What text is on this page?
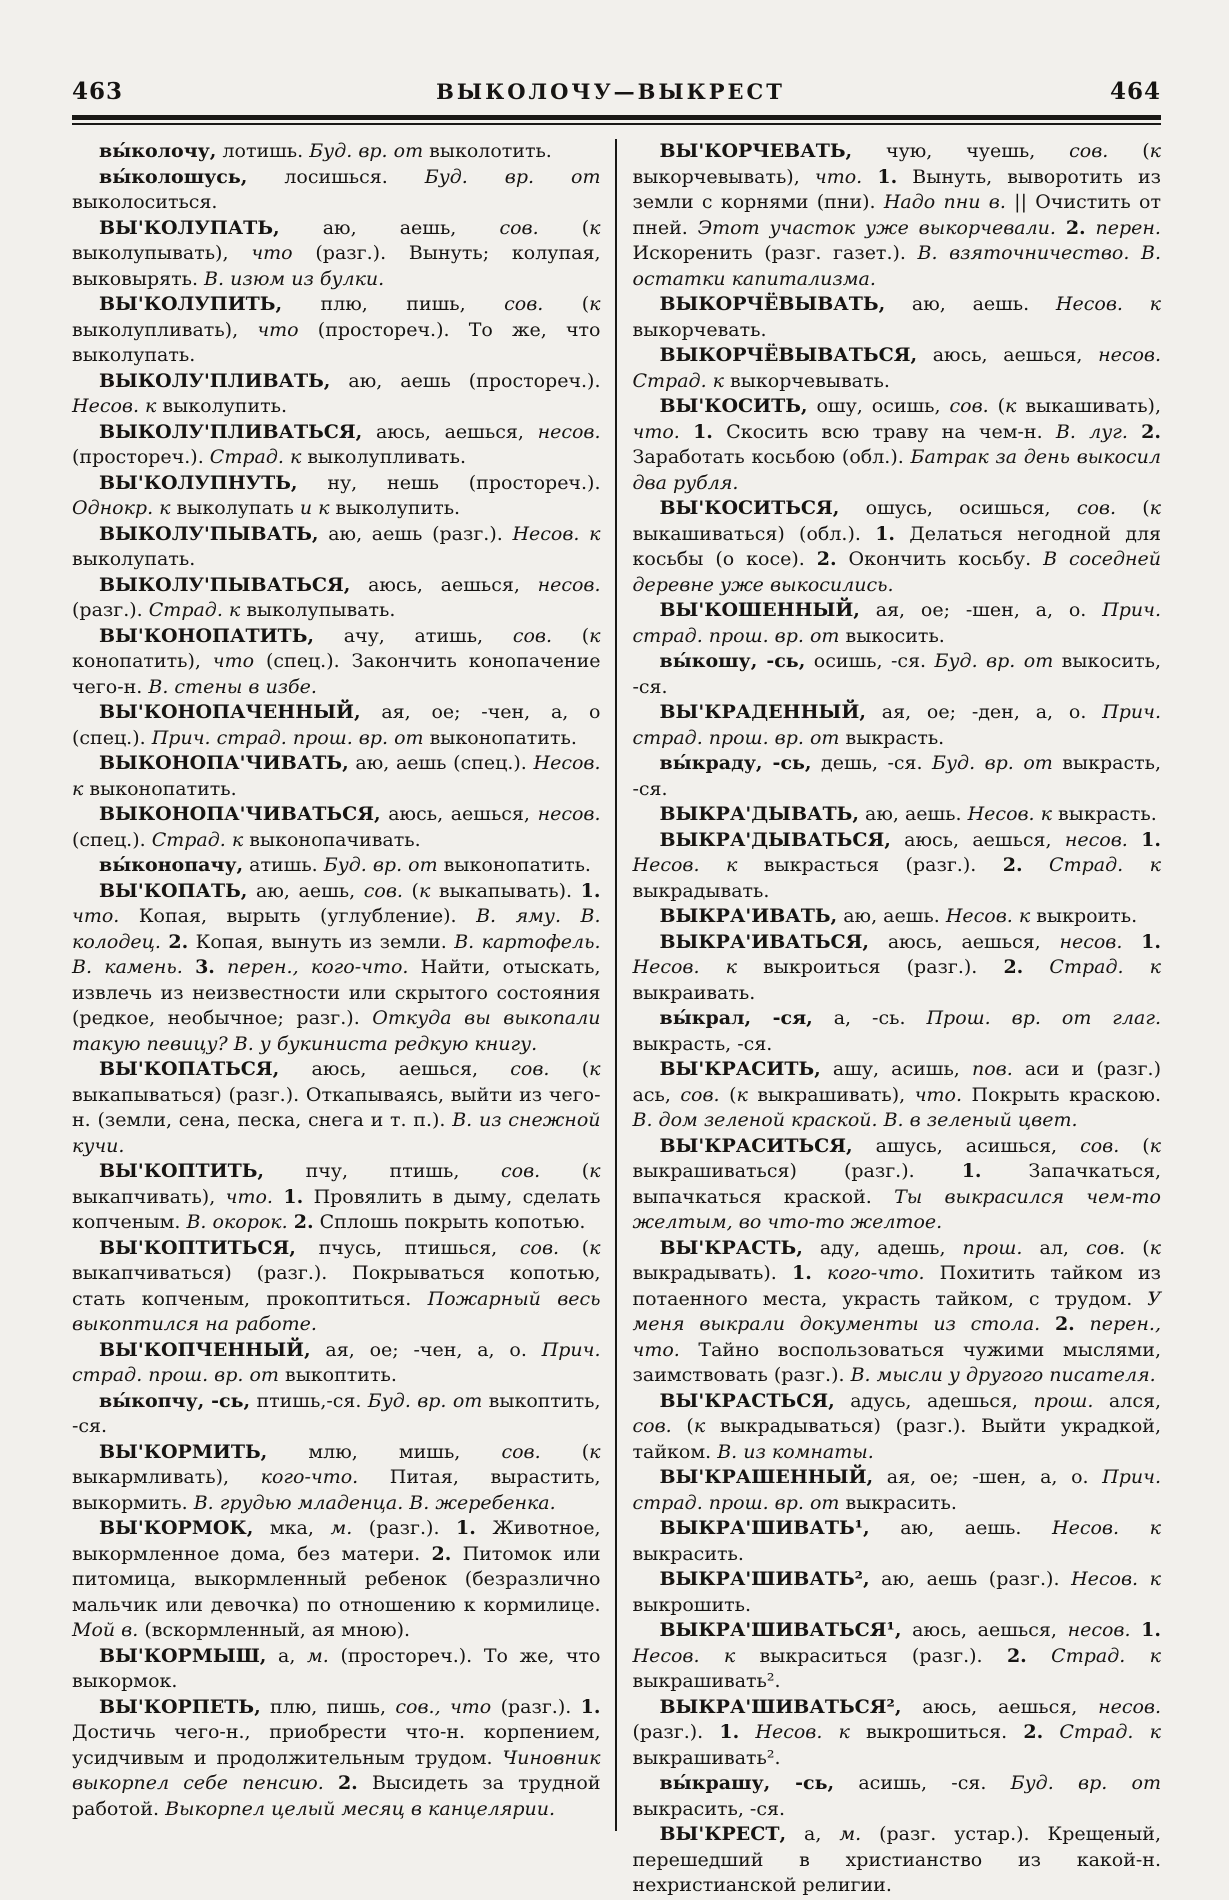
463	ВЫКОЛОЧУ—ВЫКРЕСТ	464

вы́колочу, лотишь. Буд. вр. от выколотить.

вы́колошусь, лосишься. Буд. вр. от выколоситься.

ВЫ'КОЛУПАТЬ, аю, аешь, сов. (к выколупывать), что (разг.). Вынуть; колупая, выковырять. В. изюм из булки.

ВЫ'КОЛУПИТЬ, плю, пишь, сов. (к выколупливать), что (простореч.). То же, что выколупать.

ВЫКОЛУ'ПЛИВАТЬ, аю, аешь (простореч.). Несов. к выколупить.

ВЫКОЛУ'ПЛИВАТЬСЯ, аюсь, аешься, несов. (простореч.). Страд. к выколупливать.

ВЫ'КОЛУПНУТЬ, ну, нешь (простореч.). Однокр. к выколупать и к выколупить.

ВЫКОЛУ'ПЫВАТЬ, аю, аешь (разг.). Несов. к выколупать.

ВЫКОЛУ'ПЫВАТЬСЯ, аюсь, аешься, несов. (разг.). Страд. к выколупывать.

ВЫ'КОНОПАТИТЬ, ачу, атишь, сов. (к конопатить), что (спец.). Закончить конопачение чего-н. В. стены в избе.

ВЫ'КОНОПАЧЕННЫЙ, ая, ое; -чен, а, о (спец.). Прич. страд. прош. вр. от выконопатить.

ВЫКОНОПА'ЧИВАТЬ, аю, аешь (спец.). Несов. к выконопатить.

ВЫКОНОПА'ЧИВАТЬСЯ, аюсь, аешься, несов. (спец.). Страд. к выконопачивать.

вы́конопачу, атишь. Буд. вр. от выконопатить.

ВЫ'КОПАТЬ, аю, аешь, сов. (к выкапывать). 1. что. Копая, вырыть (углубление). В. яму. В. колодец. 2. Копая, вынуть из земли. В. картофель. В. камень. 3. перен., кого-что. Найти, отыскать, извлечь из неизвестности или скрытого состояния (редкое, необычное; разг.). Откуда вы выкопали такую певицу? В. у букиниста редкую книгу.

ВЫ'КОПАТЬСЯ, аюсь, аешься, сов. (к выкапываться) (разг.). Откапываясь, выйти из чего-н. (земли, сена, песка, снега и т. п.). В. из снежной кучи.

ВЫ'КОПТИТЬ, пчу, птишь, сов. (к выкапчивать), что. 1. Провялить в дыму, сделать копченым. В. окорок. 2. Сплошь покрыть копотью.

ВЫ'КОПТИТЬСЯ, пчусь, птишься, сов. (к выкапчиваться) (разг.). Покрываться копотью, стать копченым, прокоптиться. Пожарный весь выкоптился на работе.

ВЫ'КОПЧЕННЫЙ, ая, ое; -чен, а, о. Прич. страд. прош. вр. от выкоптить.

вы́копчу, -сь, птишь,-ся. Буд. вр. от выкоптить, -ся.

ВЫ'КОРМИТЬ, млю, мишь, сов. (к выкармливать), кого-что. Питая, вырастить, выкормить. В. грудью младенца. В. жеребенка.

ВЫ'КОРМОК, мка, м. (разг.). 1. Животное, выкормленное дома, без матери. 2. Питомок или питомица, выкормленный ребенок (безразлично мальчик или девочка) по отношению к кормилице. Мой в. (вскормленный, ая мною).

ВЫ'КОРМЫШ, а, м. (простореч.). То же, что выкормок.

ВЫ'КОРПЕТЬ, плю, пишь, сов., что (разг.). 1. Достичь чего-н., приобрести что-н. корпением, усидчивым и продолжительным трудом. Чиновник выкорпел себе пенсию. 2. Высидеть за трудной работой. Выкорпел целый месяц в канцелярии.

ВЫ'КОРЧЕВАТЬ, чую, чуешь, сов. (к выкорчевывать), что. 1. Вынуть, выворотить из земли с корнями (пни). Надо пни в. || Очистить от пней. Этот участок уже выкорчевали. 2. перен. Искоренить (разг. газет.). В. взяточничество. В. остатки капитализма.

ВЫКОРЧЁВЫВАТЬ, аю, аешь. Несов. к выкорчевать.

ВЫКОРЧЁВЫВАТЬСЯ, аюсь, аешься, несов. Страд. к выкорчевывать.

ВЫ'КОСИТЬ, ошу, осишь, сов. (к выкашивать), что. 1. Скосить всю траву на чем-н. В. луг. 2. Заработать косьбою (обл.). Батрак за день выкосил два рубля.

ВЫ'КОСИТЬСЯ, ошусь, осишься, сов. (к выкашиваться) (обл.). 1. Делаться негодной для косьбы (о косе). 2. Окончить косьбу. В соседней деревне уже выкосились.

ВЫ'КОШЕННЫЙ, ая, ое; -шен, а, о. Прич. страд. прош. вр. от выкосить.

вы́кошу, -сь, осишь, -ся. Буд. вр. от выкосить, -ся.

ВЫ'КРАДЕННЫЙ, ая, ое; -ден, а, о. Прич. страд. прош. вр. от выкрасть.

вы́краду, -сь, дешь, -ся. Буд. вр. от выкрасть, -ся.

ВЫКРА'ДЫВАТЬ, аю, аешь. Несов. к выкрасть.

ВЫКРА'ДЫВАТЬСЯ, аюсь, аешься, несов. 1. Несов. к выкрасться (разг.). 2. Страд. к выкрадывать.

ВЫКРА'ИВАТЬ, аю, аешь. Несов. к выкроить.

ВЫКРА'ИВАТЬСЯ, аюсь, аешься, несов. 1. Несов. к выкроиться (разг.). 2. Страд. к выкраивать.

вы́крал, -ся, а, -сь. Прош. вр. от глаг. выкрасть, -ся.

ВЫ'КРАСИТЬ, ашу, асишь, пов. аси и (разг.) ась, сов. (к выкрашивать), что. Покрыть краскою. В. дом зеленой краской. В. в зеленый цвет.

ВЫ'КРАСИТЬСЯ, ашусь, асишься, сов. (к выкрашиваться) (разг.). 1. Запачкаться, выпачкаться краской. Ты выкрасился чем-то желтым, во что-то желтое.

ВЫ'КРАСТЬ, аду, адешь, прош. ал, сов. (к выкрадывать). 1. кого-что. Похитить тайком из потаенного места, украсть тайком, с трудом. У меня выкрали документы из стола. 2. перен., что. Тайно воспользоваться чужими мыслями, заимствовать (разг.). В. мысли у другого писателя.

ВЫ'КРАСТЬСЯ, адусь, адешься, прош. ался, сов. (к выкрадываться) (разг.). Выйти украдкой, тайком. В. из комнаты.

ВЫ'КРАШЕННЫЙ, ая, ое; -шен, а, о. Прич. страд. прош. вр. от выкрасить.

ВЫКРА'ШИВАТЬ¹, аю, аешь. Несов. к выкрасить.

ВЫКРА'ШИВАТЬ², аю, аешь (разг.). Несов. к выкрошить.

ВЫКРА'ШИВАТЬСЯ¹, аюсь, аешься, несов. 1. Несов. к выкраситься (разг.). 2. Страд. к выкрашивать².

ВЫКРА'ШИВАТЬСЯ², аюсь, аешься, несов. (разг.). 1. Несов. к выкрошиться. 2. Страд. к выкрашивать².

вы́крашу, -сь, асишь, -ся. Буд. вр. от выкрасить, -ся.

ВЫ'КРЕСТ, а, м. (разг. устар.). Крещеный, перешедший в христианство из какой-н. нехристианской религии.
